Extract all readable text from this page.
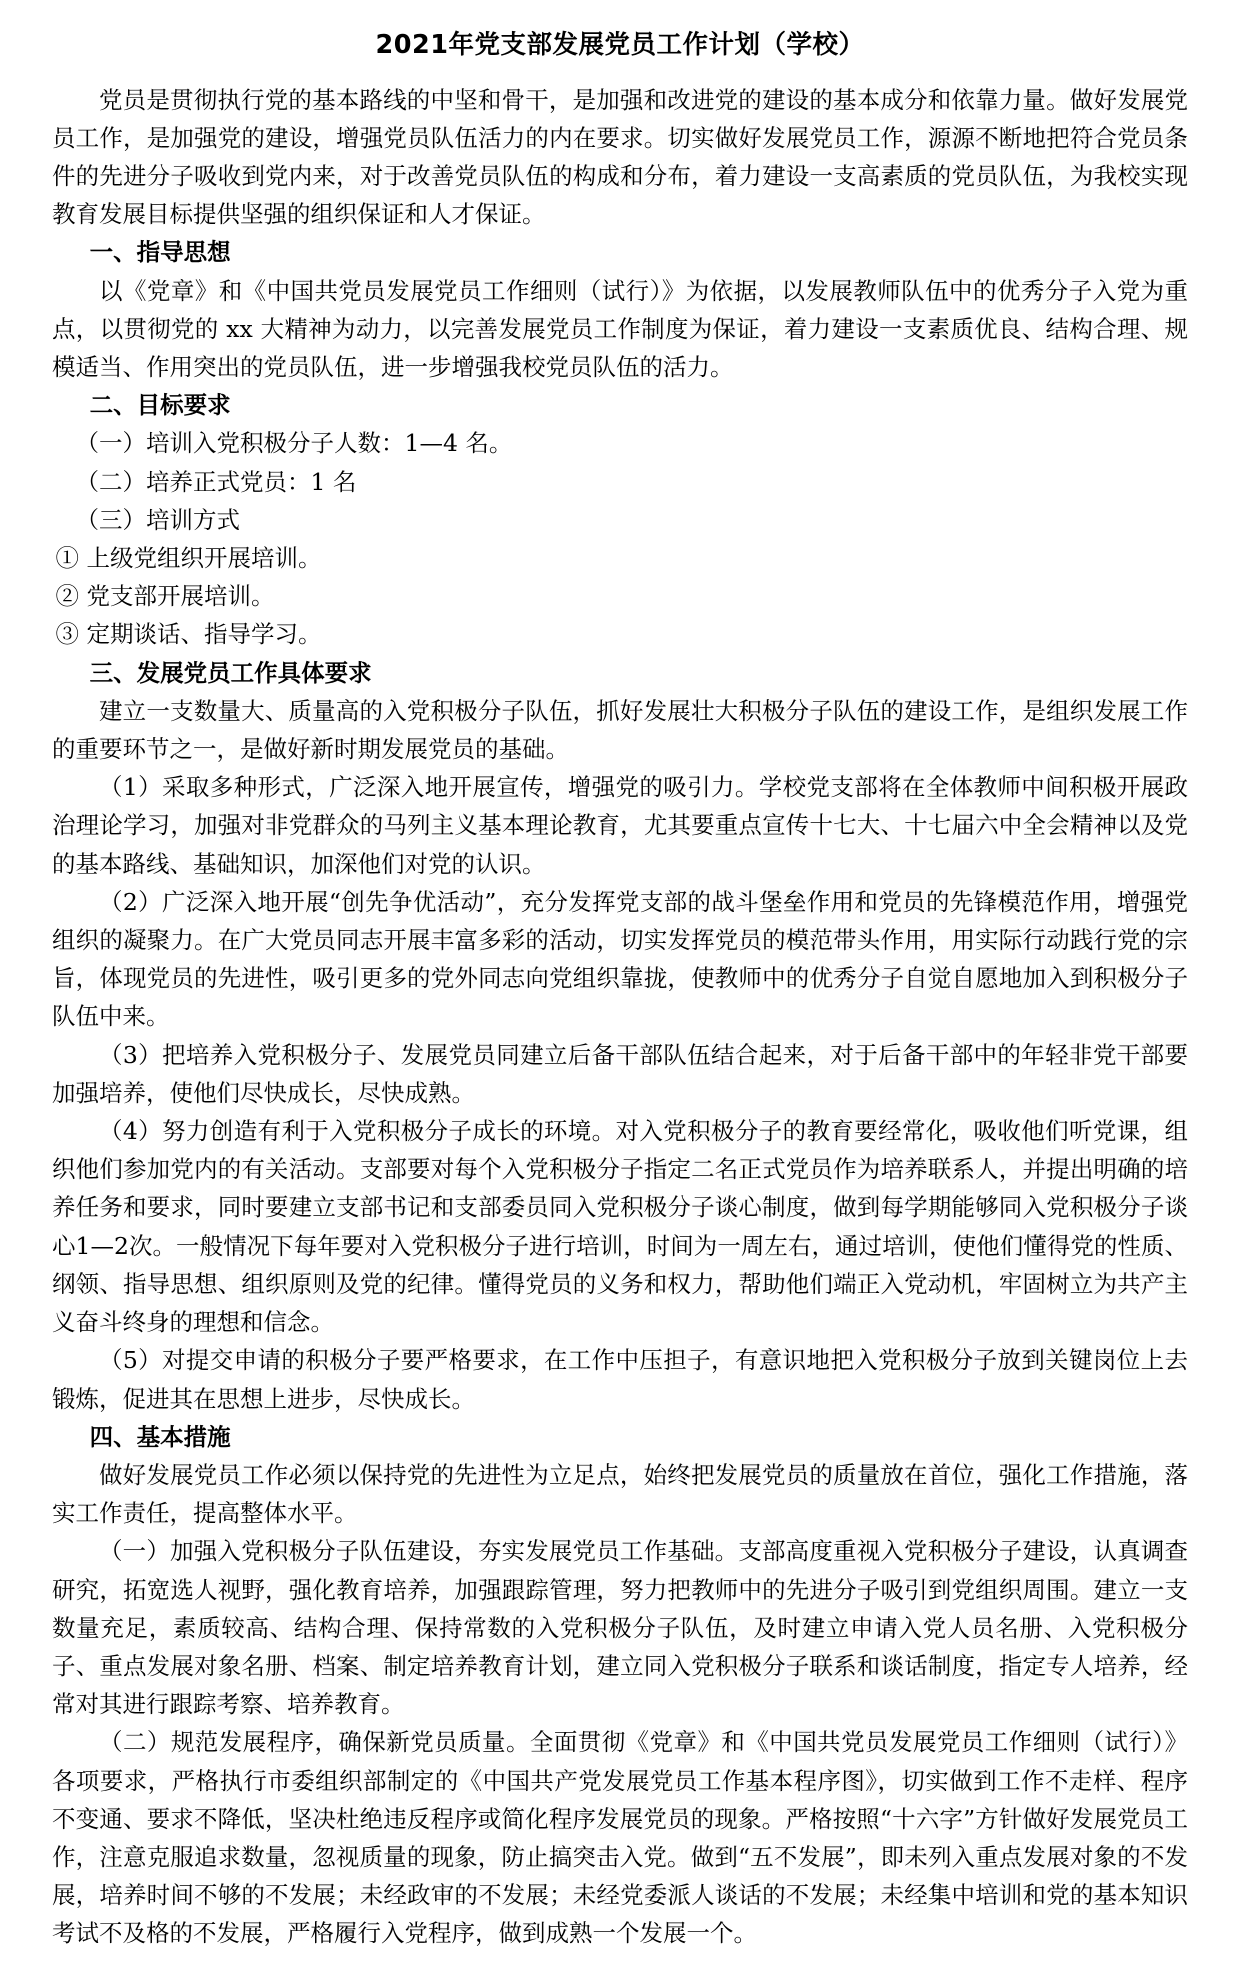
2021年党支部发展党员工作计划（学校）

党员是贯彻执行党的基本路线的中坚和骨干，是加强和改进党的建设的基本成分和依靠力量。做好发展党员工作，是加强党的建设，增强党员队伍活力的内在要求。切实做好发展党员工作，源源不断地把符合党员条件的先进分子吸收到党内来，对于改善党员队伍的构成和分布，着力建设一支高素质的党员队伍，为我校实现教育发展目标提供坚强的组织保证和人才保证。

一、指导思想

以《党章》和《中国共党员发展党员工作细则（试行）》为依据，以发展教师队伍中的优秀分子入党为重点，以贯彻党的 xx 大精神为动力，以完善发展党员工作制度为保证，着力建设一支素质优良、结构合理、规模适当、作用突出的党员队伍，进一步增强我校党员队伍的活力。

二、目标要求

（一）培训入党积极分子人数：1—4 名。

（二）培养正式党员：1 名

（三）培训方式

① 上级党组织开展培训。

② 党支部开展培训。

③ 定期谈话、指导学习。

三、发展党员工作具体要求

建立一支数量大、质量高的入党积极分子队伍，抓好发展壮大积极分子队伍的建设工作，是组织发展工作的重要环节之一，是做好新时期发展党员的基础。

（1）采取多种形式，广泛深入地开展宣传，增强党的吸引力。学校党支部将在全体教师中间积极开展政治理论学习，加强对非党群众的马列主义基本理论教育，尤其要重点宣传十七大、十七届六中全会精神以及党的基本路线、基础知识，加深他们对党的认识。

（2）广泛深入地开展“创先争优活动”，充分发挥党支部的战斗堡垒作用和党员的先锋模范作用，增强党组织的凝聚力。在广大党员同志开展丰富多彩的活动，切实发挥党员的模范带头作用，用实际行动践行党的宗旨，体现党员的先进性，吸引更多的党外同志向党组织靠拢，使教师中的优秀分子自觉自愿地加入到积极分子队伍中来。

（3）把培养入党积极分子、发展党员同建立后备干部队伍结合起来，对于后备干部中的年轻非党干部要加强培养，使他们尽快成长，尽快成熟。

（4）努力创造有利于入党积极分子成长的环境。对入党积极分子的教育要经常化，吸收他们听党课，组织他们参加党内的有关活动。支部要对每个入党积极分子指定二名正式党员作为培养联系人，并提出明确的培养任务和要求，同时要建立支部书记和支部委员同入党积极分子谈心制度，做到每学期能够同入党积极分子谈心1—2次。一般情况下每年要对入党积极分子进行培训，时间为一周左右，通过培训，使他们懂得党的性质、纲领、指导思想、组织原则及党的纪律。懂得党员的义务和权力，帮助他们端正入党动机，牢固树立为共产主义奋斗终身的理想和信念。

（5）对提交申请的积极分子要严格要求，在工作中压担子，有意识地把入党积极分子放到关键岗位上去锻炼，促进其在思想上进步，尽快成长。

四、基本措施

做好发展党员工作必须以保持党的先进性为立足点，始终把发展党员的质量放在首位，强化工作措施，落实工作责任，提高整体水平。

（一）加强入党积极分子队伍建设，夯实发展党员工作基础。支部高度重视入党积极分子建设，认真调查研究，拓宽选人视野，强化教育培养，加强跟踪管理，努力把教师中的先进分子吸引到党组织周围。建立一支数量充足，素质较高、结构合理、保持常数的入党积极分子队伍，及时建立申请入党人员名册、入党积极分子、重点发展对象名册、档案、制定培养教育计划，建立同入党积极分子联系和谈话制度，指定专人培养，经常对其进行跟踪考察、培养教育。

（二）规范发展程序，确保新党员质量。全面贯彻《党章》和《中国共党员发展党员工作细则（试行）》各项要求，严格执行市委组织部制定的《中国共产党发展党员工作基本程序图》，切实做到工作不走样、程序不变通、要求不降低，坚决杜绝违反程序或简化程序发展党员的现象。严格按照“十六字”方针做好发展党员工作，注意克服追求数量，忽视质量的现象，防止搞突击入党。做到“五不发展”，即未列入重点发展对象的不发展，培养时间不够的不发展；未经政审的不发展；未经党委派人谈话的不发展；未经集中培训和党的基本知识考试不及格的不发展，严格履行入党程序，做到成熟一个发展一个。
